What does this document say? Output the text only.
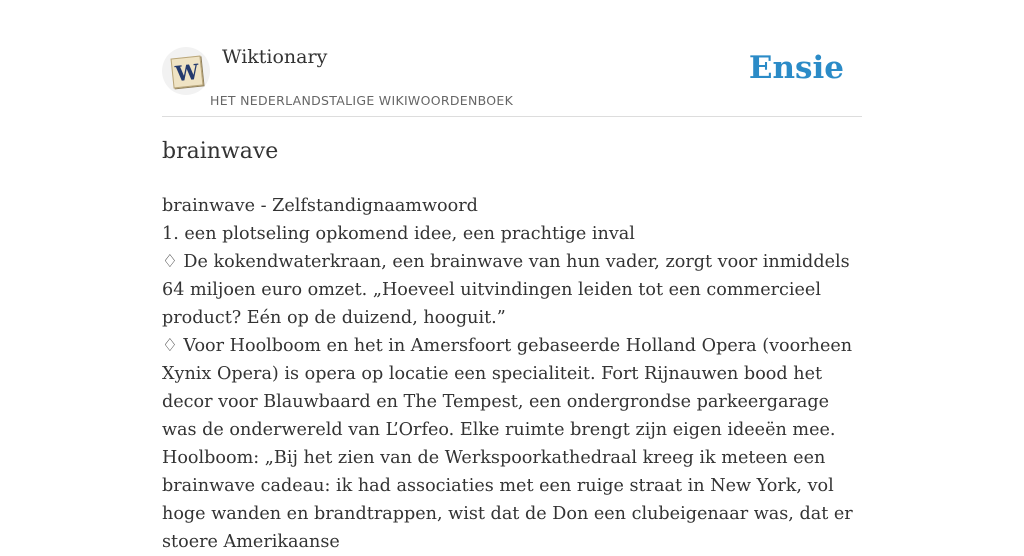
W
Wiktionary
HET NEDERLANDSTALIGE WIKIWOORDENBOEK
Ensie
brainwave

brainwave - Zelfstandignaamwoord

1. een plotseling opkomend idee, een prachtige inval

♢ De kokendwaterkraan, een brainwave van hun vader, zorgt voor inmiddels 64 miljoen euro omzet. „Hoeveel uitvindingen leiden tot een commercieel product? Eén op de duizend, hooguit.”

♢ Voor Hoolboom en het in Amersfoort gebaseerde Holland Opera (voorheen Xynix Opera) is opera op locatie een specialiteit. Fort Rijnauwen bood het decor voor Blauwbaard en The Tempest, een ondergrondse parkeergarage was de onderwereld van L’Orfeo. Elke ruimte brengt zijn eigen ideeën mee. Hoolboom: „Bij het zien van de Werkspoorkathedraal kreeg ik meteen een brainwave cadeau: ik had associaties met een ruige straat in New York, vol hoge wanden en brandtrappen, wist dat de Don een clubeigenaar was, dat er stoere Amerikaanse
